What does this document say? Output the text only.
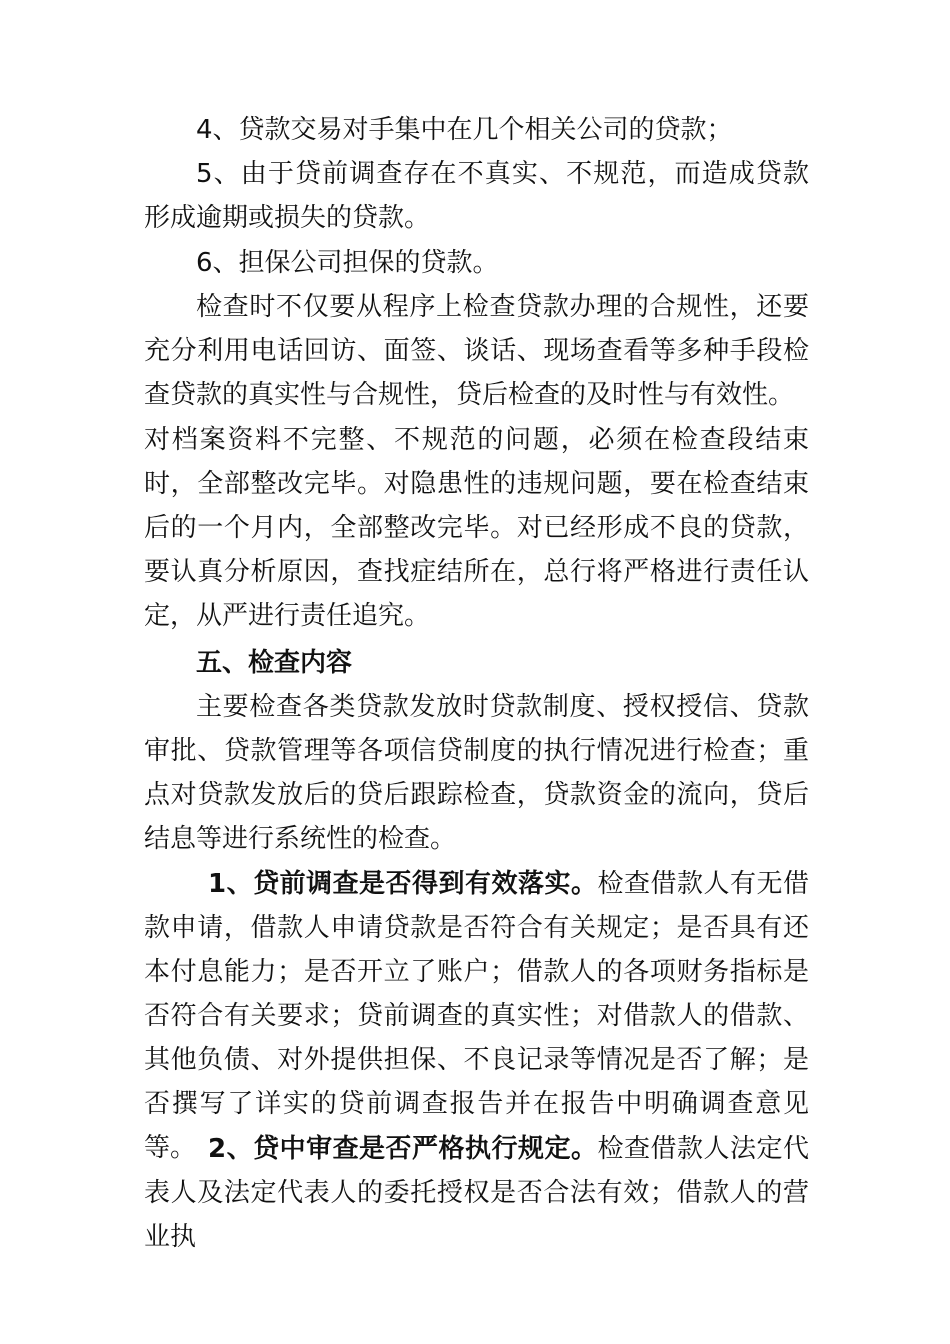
4、贷款交易对手集中在几个相关公司的贷款；
5、由于贷前调查存在不真实、不规范，而造成贷款形成逾期或损失的贷款。
6、担保公司担保的贷款。
检查时不仅要从程序上检查贷款办理的合规性，还要充分利用电话回访、面签、谈话、现场查看等多种手段检查贷款的真实性与合规性，贷后检查的及时性与有效性。
对档案资料不完整、不规范的问题，必须在检查段结束时，全部整改完毕。对隐患性的违规问题，要在检查结束后的一个月内，全部整改完毕。对已经形成不良的贷款，要认真分析原因，查找症结所在，总行将严格进行责任认定，从严进行责任追究。
五、检查内容
主要检查各类贷款发放时贷款制度、授权授信、贷款审批、贷款管理等各项信贷制度的执行情况进行检查；重点对贷款发放后的贷后跟踪检查，贷款资金的流向，贷后结息等进行系统性的检查。
1、贷前调查是否得到有效落实。检查借款人有无借款申请，借款人申请贷款是否符合有关规定；是否具有还本付息能力；是否开立了账户；借款人的各项财务指标是否符合有关要求；贷前调查的真实性；对借款人的借款、其他负债、对外提供担保、不良记录等情况是否了解；是否撰写了详实的贷前调查报告并在报告中明确调查意见等。 2、贷中审查是否严格执行规定。检查借款人法定代表人及法定代表人的委托授权是否合法有效；借款人的营业执
